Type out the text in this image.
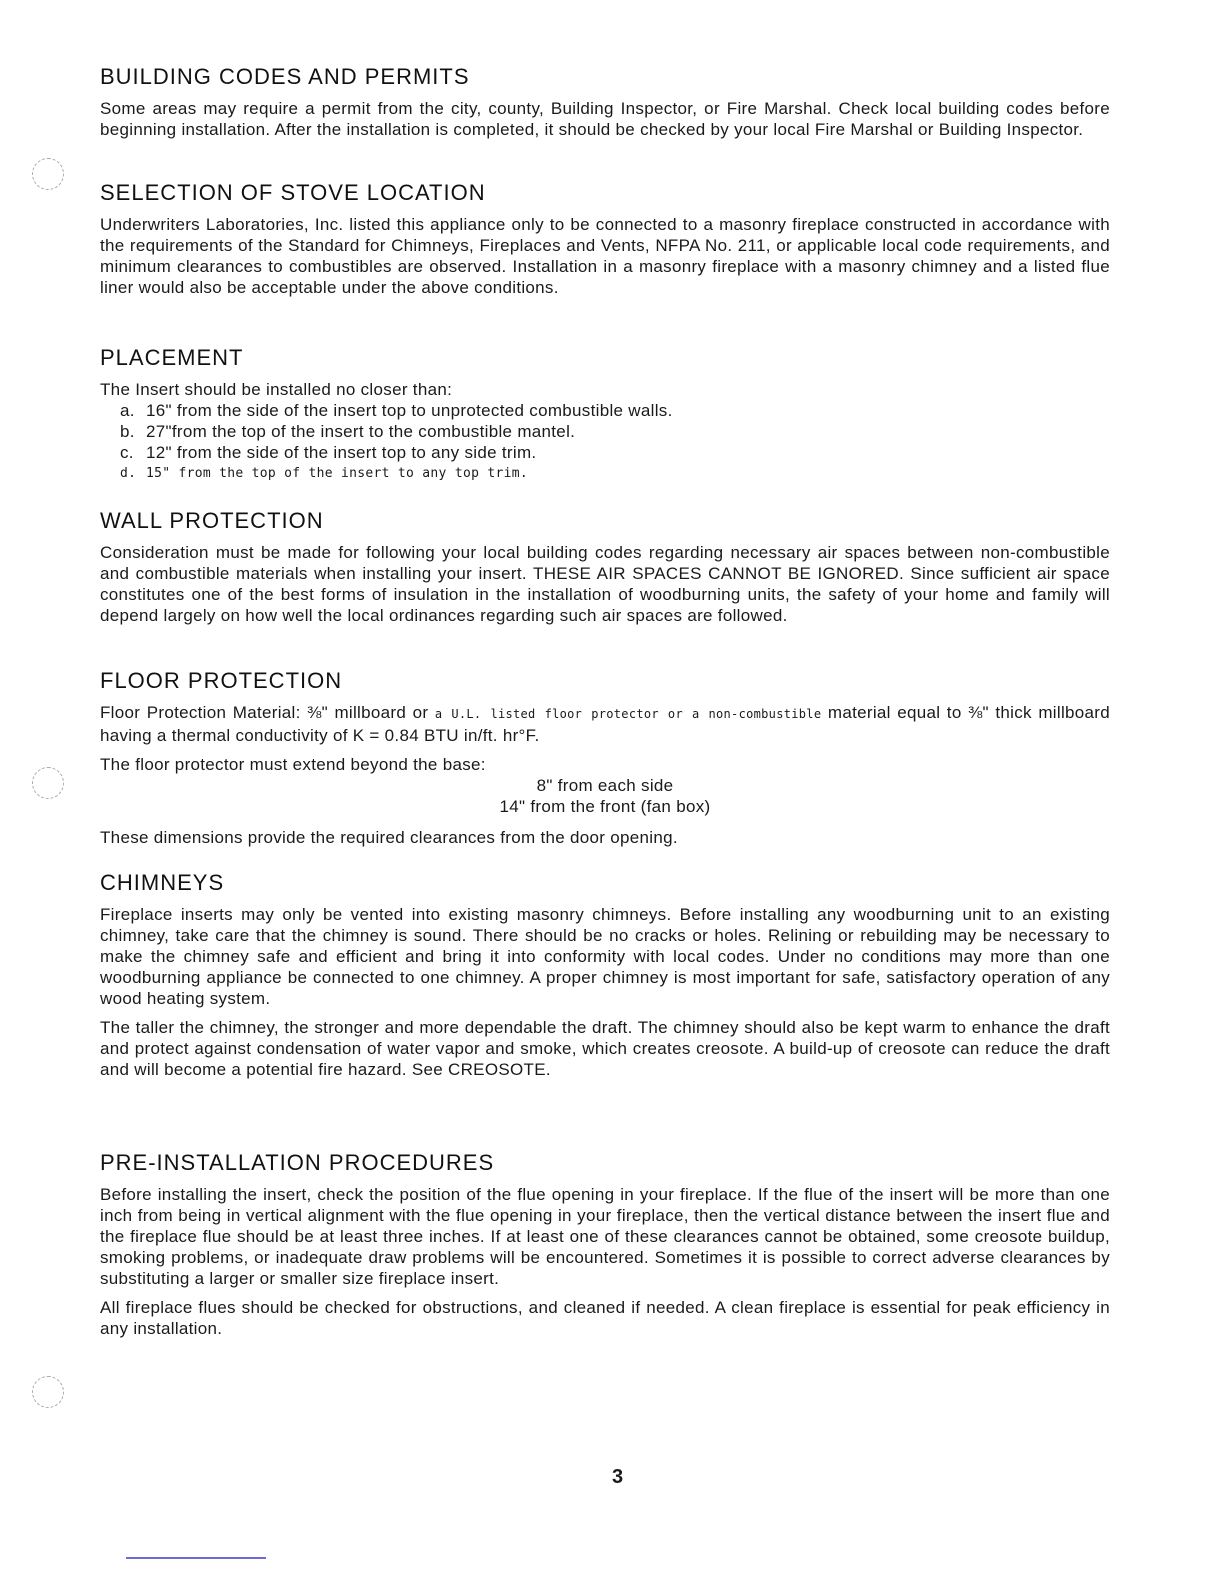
BUILDING CODES AND PERMITS

Some areas may require a permit from the city, county, Building Inspector, or Fire Marshal. Check local building codes before beginning installation. After the installation is completed, it should be checked by your local Fire Marshal or Building Inspector.

SELECTION OF STOVE LOCATION

Underwriters Laboratories, Inc. listed this appliance only to be connected to a masonry fireplace constructed in accordance with the requirements of the Standard for Chimneys, Fireplaces and Vents, NFPA No. 211, or applicable local code requirements, and minimum clearances to combustibles are observed. Installation in a masonry fireplace with a masonry chimney and a listed flue liner would also be acceptable under the above conditions.

PLACEMENT

The Insert should be installed no closer than:

a. 16" from the side of the insert top to unprotected combustible walls.
b. 27"from the top of the insert to the combustible mantel.
c. 12" from the side of the insert top to any side trim.
d. 15" from the top of the insert to any top trim.
WALL PROTECTION

Consideration must be made for following your local building codes regarding necessary air spaces between non-combustible and combustible materials when installing your insert. THESE AIR SPACES CANNOT BE IGNORED. Since sufficient air space constitutes one of the best forms of insulation in the installation of woodburning units, the safety of your home and family will depend largely on how well the local ordinances regarding such air spaces are followed.

FLOOR PROTECTION

Floor Protection Material: ⅜" millboard or a U.L. listed floor protector or a non-combustible material equal to ⅜" thick millboard having a thermal conductivity of K = 0.84 BTU in/ft. hr°F.

The floor protector must extend beyond the base:

8" from each side

14" from the front (fan box)

These dimensions provide the required clearances from the door opening.

CHIMNEYS

Fireplace inserts may only be vented into existing masonry chimneys. Before installing any woodburning unit to an existing chimney, take care that the chimney is sound. There should be no cracks or holes. Relining or rebuilding may be necessary to make the chimney safe and efficient and bring it into conformity with local codes. Under no conditions may more than one woodburning appliance be connected to one chimney. A proper chimney is most important for safe, satisfactory operation of any wood heating system.

The taller the chimney, the stronger and more dependable the draft. The chimney should also be kept warm to enhance the draft and protect against condensation of water vapor and smoke, which creates creosote. A build-up of creosote can reduce the draft and will become a potential fire hazard. See CREOSOTE.

PRE-INSTALLATION PROCEDURES

Before installing the insert, check the position of the flue opening in your fireplace. If the flue of the insert will be more than one inch from being in vertical alignment with the flue opening in your fireplace, then the vertical distance between the insert flue and the fireplace flue should be at least three inches. If at least one of these clearances cannot be obtained, some creosote buildup, smoking problems, or inadequate draw problems will be encountered. Sometimes it is possible to correct adverse clearances by substituting a larger or smaller size fireplace insert.

All fireplace flues should be checked for obstructions, and cleaned if needed. A clean fireplace is essential for peak efficiency in any installation.

3
